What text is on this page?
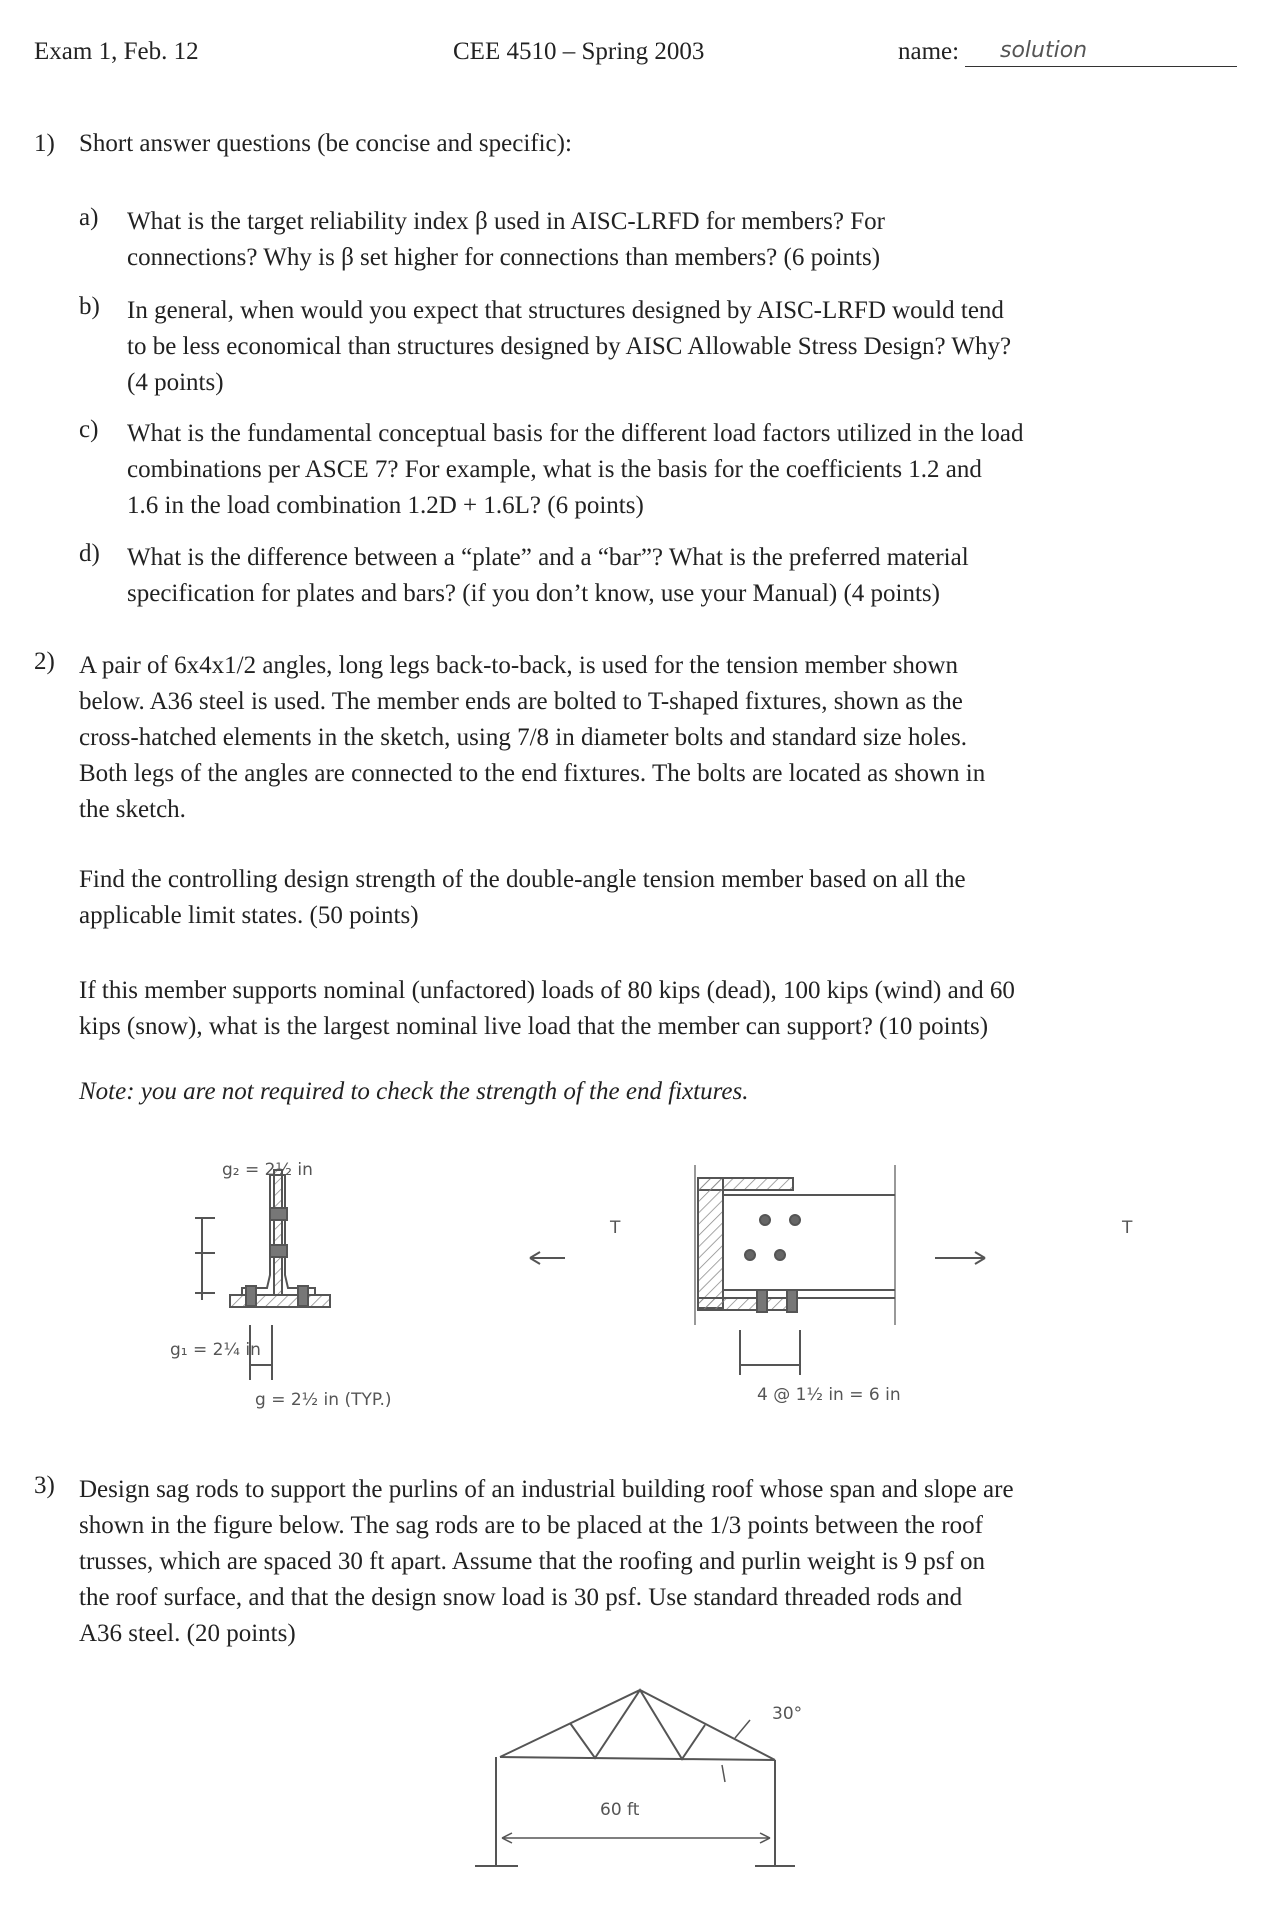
Exam 1, Feb. 12	CEE 4510 – Spring 2003	name: solution
1) Short answer questions (be concise and specific):
a) What is the target reliability index β used in AISC-LRFD for members? For
connections? Why is β set higher for connections than members? (6 points)
b) In general, when would you expect that structures designed by AISC-LRFD would tend
to be less economical than structures designed by AISC Allowable Stress Design? Why?
(4 points)
c) What is the fundamental conceptual basis for the different load factors utilized in the load
combinations per ASCE 7? For example, what is the basis for the coefficients 1.2 and
1.6 in the load combination 1.2D + 1.6L? (6 points)
d) What is the difference between a “plate” and a “bar”? What is the preferred material
specification for plates and bars? (if you don’t know, use your Manual) (4 points)
2) A pair of 6x4x1/2 angles, long legs back-to-back, is used for the tension member shown
below. A36 steel is used. The member ends are bolted to T-shaped fixtures, shown as the
cross-hatched elements in the sketch, using 7/8 in diameter bolts and standard size holes.
Both legs of the angles are connected to the end fixtures. The bolts are located as shown in
the sketch.
Find the controlling design strength of the double-angle tension member based on all the
applicable limit states. (50 points)
If this member supports nominal (unfactored) loads of 80 kips (dead), 100 kips (wind) and 60
kips (snow), what is the largest nominal live load that the member can support? (10 points)
Note: you are not required to check the strength of the end fixtures.
g₂ = 2½ in
g₁ = 2¼ in
g = 2½ in (TYP.)
T	T
4 @ 1½ in = 6 in
3) Design sag rods to support the purlins of an industrial building roof whose span and slope are
shown in the figure below. The sag rods are to be placed at the 1/3 points between the roof
trusses, which are spaced 30 ft apart. Assume that the roofing and purlin weight is 9 psf on
the roof surface, and that the design snow load is 30 psf. Use standard threaded rods and
A36 steel. (20 points)
30°
60 ft
